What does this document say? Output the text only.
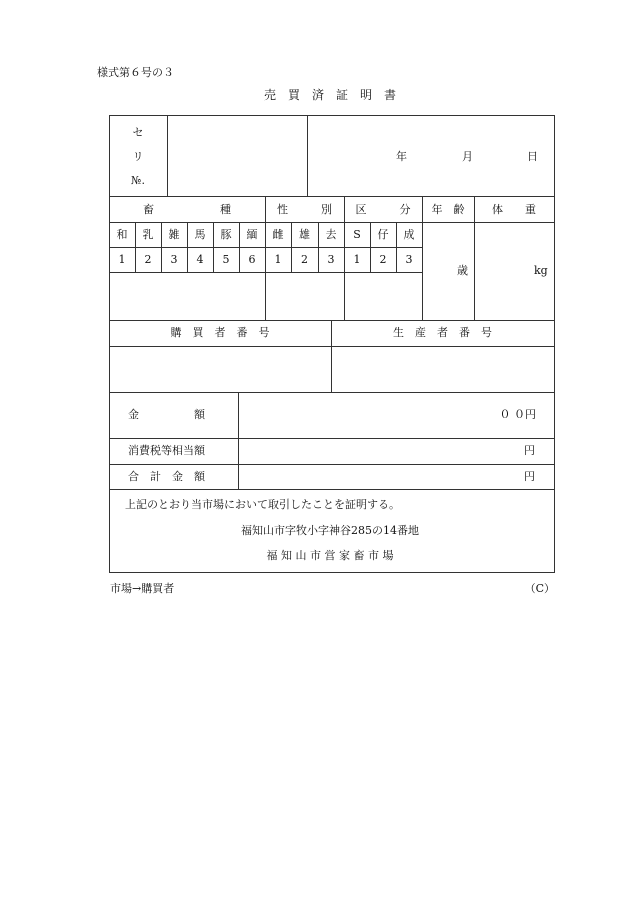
様式第６号の３
売　買　済　証　明　書
セ
リ
№.
年	月	日
畜　　　　　　種	性　　　別	区　　　分	年　齢	体　　重
和	乳	雑	馬	豚	緬
1	2	3	4	5	6
雌	雄	去
1	2	3
S	仔	成
1	2	3
歳	kg
購　買　者　番　号	生　産　者　番　号
金　　　　　額	０ ０円
消費税等相当額	円
合　計　金　額	円
上記のとおり当市場において取引したことを証明する。
福知山市字牧小字神谷285の14番地
福 知 山 市 営 家 畜 市 場
市場→購買者	（C）
